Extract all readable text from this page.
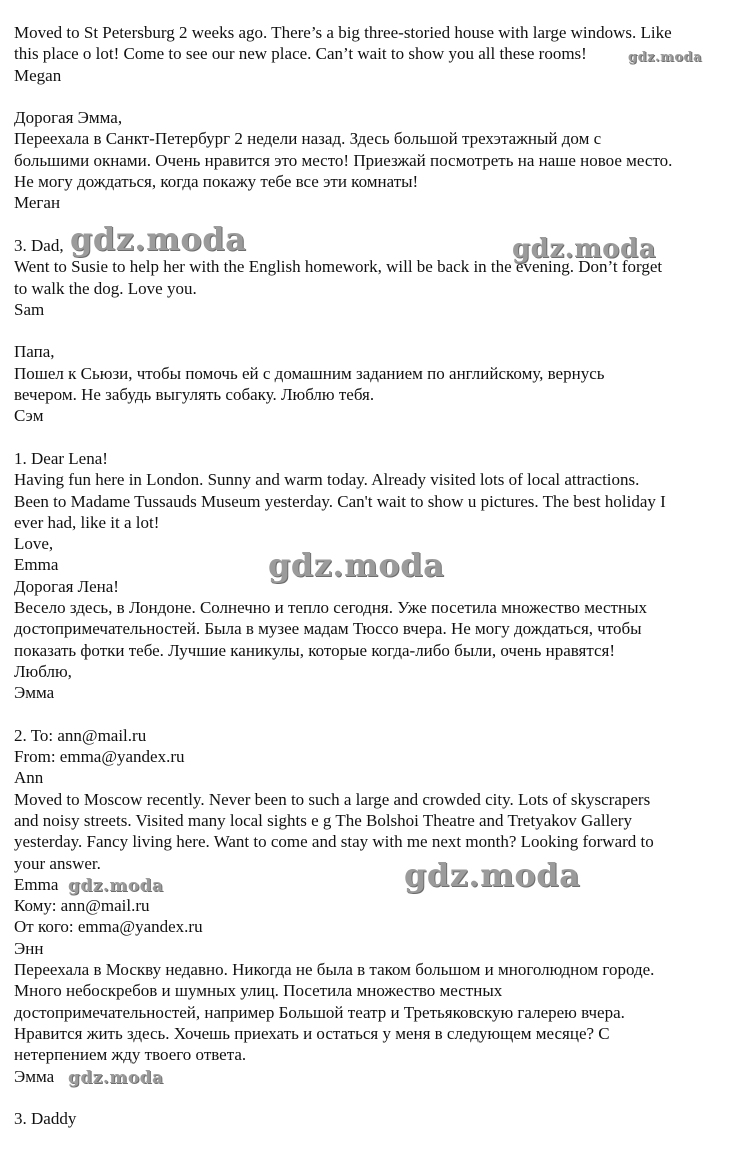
Moved to St Petersburg 2 weeks ago. There’s a big three-storied house with large windows. Like

this place o lot! Come to see our new place. Can’t wait to show you all these rooms!

Megan

Дорогая Эмма,

Переехала в Санкт-Петербург 2 недели назад. Здесь большой трехэтажный дом с

большими окнами. Очень нравится это место! Приезжай посмотреть на наше новое место.

Не могу дождаться, когда покажу тебе все эти комнаты!

Меган

3. Dad,

Went to Susie to help her with the English homework, will be back in the evening. Don’t forget

to walk the dog. Love you.

Sam

Папа,

Пошел к Сьюзи, чтобы помочь ей с домашним заданием по английскому, вернусь

вечером. Не забудь выгулять собаку. Люблю тебя.

Сэм

1. Dear Lena!

Having fun here in London. Sunny and warm today. Already visited lots of local attractions.

Been to Madame Tussauds Museum yesterday. Can't wait to show u pictures. The best holiday I

ever had, like it a lot!

Love,

Emma

Дорогая Лена!

Весело здесь, в Лондоне. Солнечно и тепло сегодня. Уже посетила множество местных

достопримечательностей. Была в музее мадам Тюссо вчера. Не могу дождаться, чтобы

показать фотки тебе. Лучшие каникулы, которые когда-либо были, очень нравятся!

Люблю,

Эмма

2. To: ann@mail.ru

From: emma@yandex.ru

Ann

Moved to Moscow recently. Never been to such a large and crowded city. Lots of skyscrapers

and noisy streets. Visited many local sights e g The Bolshoi Theatre and Tretyakov Gallery

yesterday. Fancy living here. Want to come and stay with me next month? Looking forward to

your answer.

Emma

Кому: ann@mail.ru

От кого: emma@yandex.ru

Энн

Переехала в Москву недавно. Никогда не была в таком большом и многолюдном городе.

Много небоскребов и шумных улиц. Посетила множество местных

достопримечательностей, например Большой театр и Третьяковскую галерею вчера.

Нравится жить здесь. Хочешь приехать и остаться у меня в следующем месяце? С

нетерпением жду твоего ответа.

Эмма

3. Daddy

gdz.moda
gdz.moda	gdz.moda
gdz.moda
gdz.moda
gdz.moda
gdz.moda
